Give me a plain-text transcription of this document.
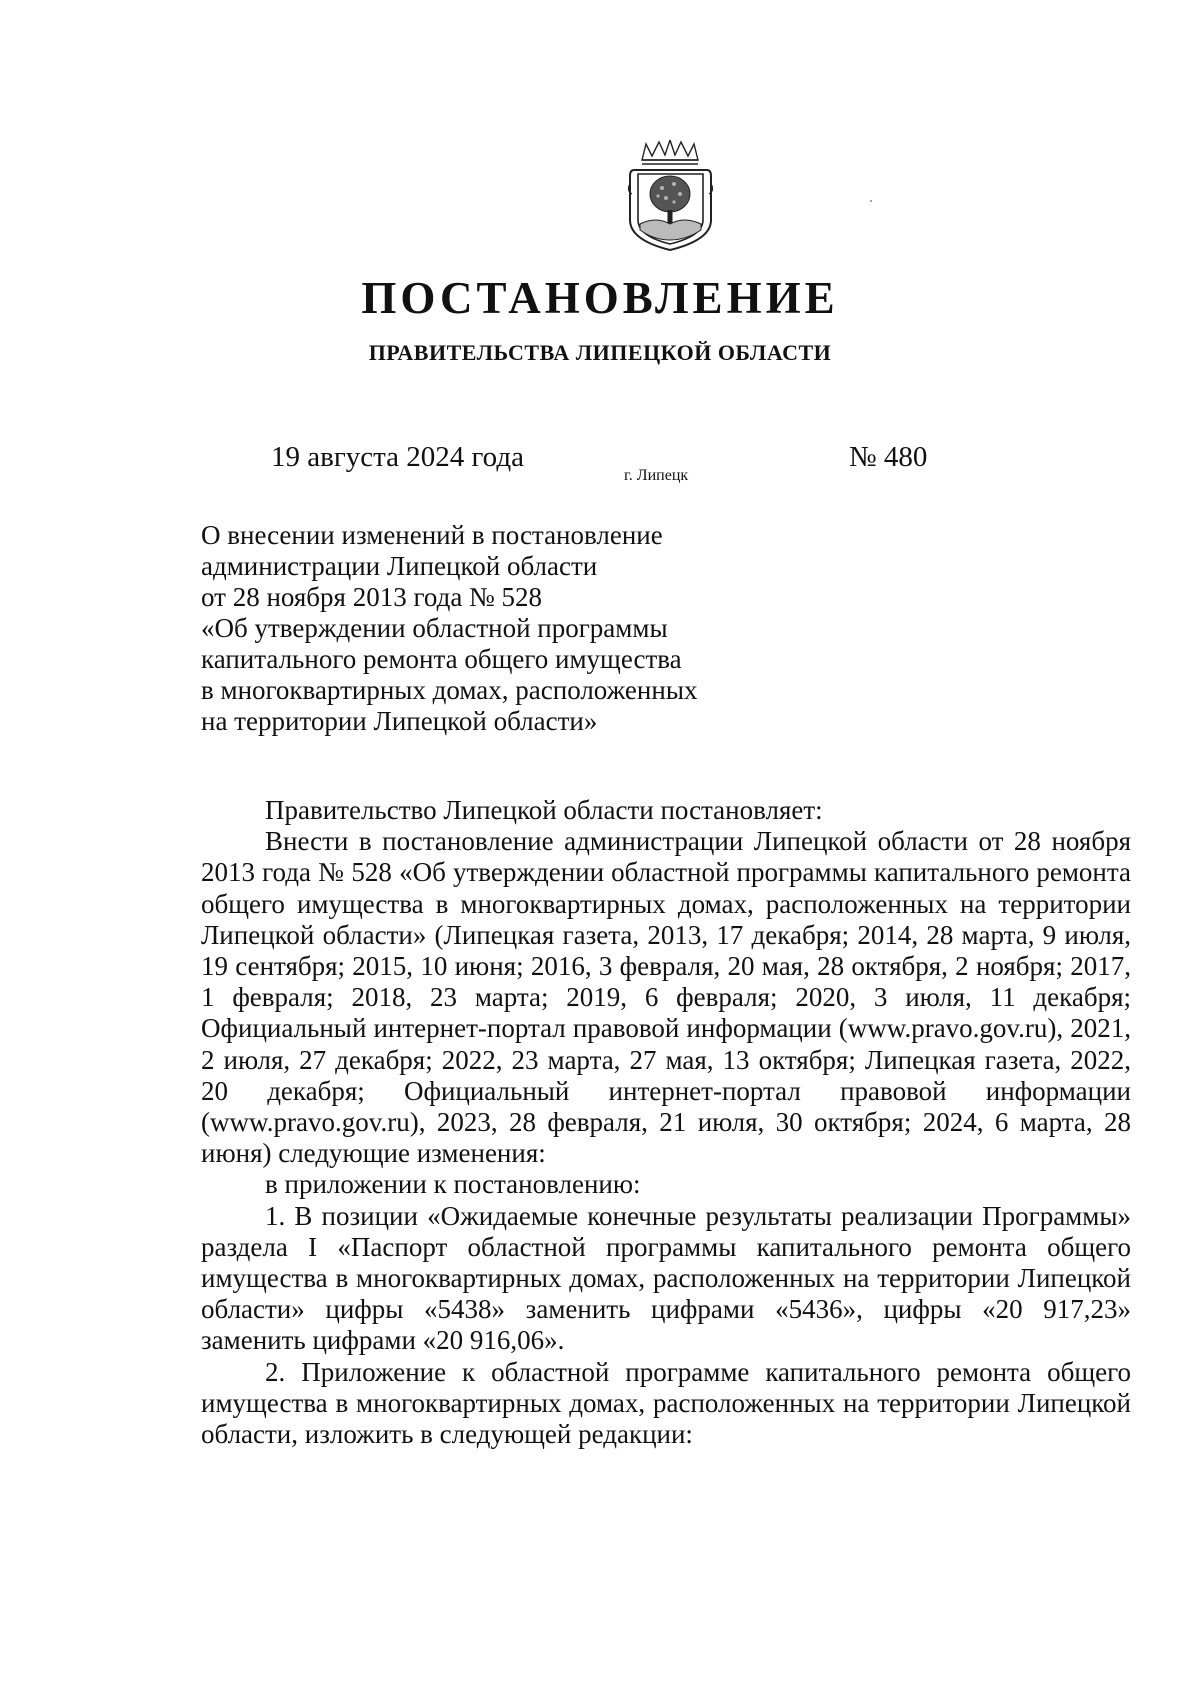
ПОСТАНОВЛЕНИЕ
ПРАВИТЕЛЬСТВА ЛИПЕЦКОЙ ОБЛАСТИ
19 августа 2024 года
г. Липецк
№ 480
О внесении изменений в постановление
администрации Липецкой области
от 28 ноября 2013 года № 528
«Об утверждении областной программы
капитального ремонта общего имущества
в многоквартирных домах, расположенных
на территории Липецкой области»

Правительство Липецкой области постановляет:

Внести в постановление администрации Липецкой области от 28 ноября 2013 года № 528 «Об утверждении областной программы капитального ремонта общего имущества в многоквартирных домах, расположенных на территории Липецкой области» (Липецкая газета, 2013, 17 декабря; 2014, 28 марта, 9 июля, 19 сентября; 2015, 10 июня; 2016, 3 февраля, 20 мая, 28 октября, 2 ноября; 2017, 1 февраля; 2018, 23 марта; 2019, 6 февраля; 2020, 3 июля, 11 декабря; Официальный интернет-портал правовой информации (www.pravo.gov.ru), 2021, 2 июля, 27 декабря; 2022, 23 марта, 27 мая, 13 октября; Липецкая газета, 2022, 20 декабря; Официальный интернет-портал правовой информации (www.pravo.gov.ru), 2023, 28 февраля, 21 июля, 30 октября; 2024, 6 марта, 28 июня) следующие изменения:

в приложении к постановлению:

1. В позиции «Ожидаемые конечные результаты реализации Программы» раздела I «Паспорт областной программы капитального ремонта общего имущества в многоквартирных домах, расположенных на территории Липецкой области» цифры «5438» заменить цифрами «5436», цифры «20 917,23» заменить цифрами «20 916,06».

2. Приложение к областной программе капитального ремонта общего имущества в многоквартирных домах, расположенных на территории Липецкой области, изложить в следующей редакции:
